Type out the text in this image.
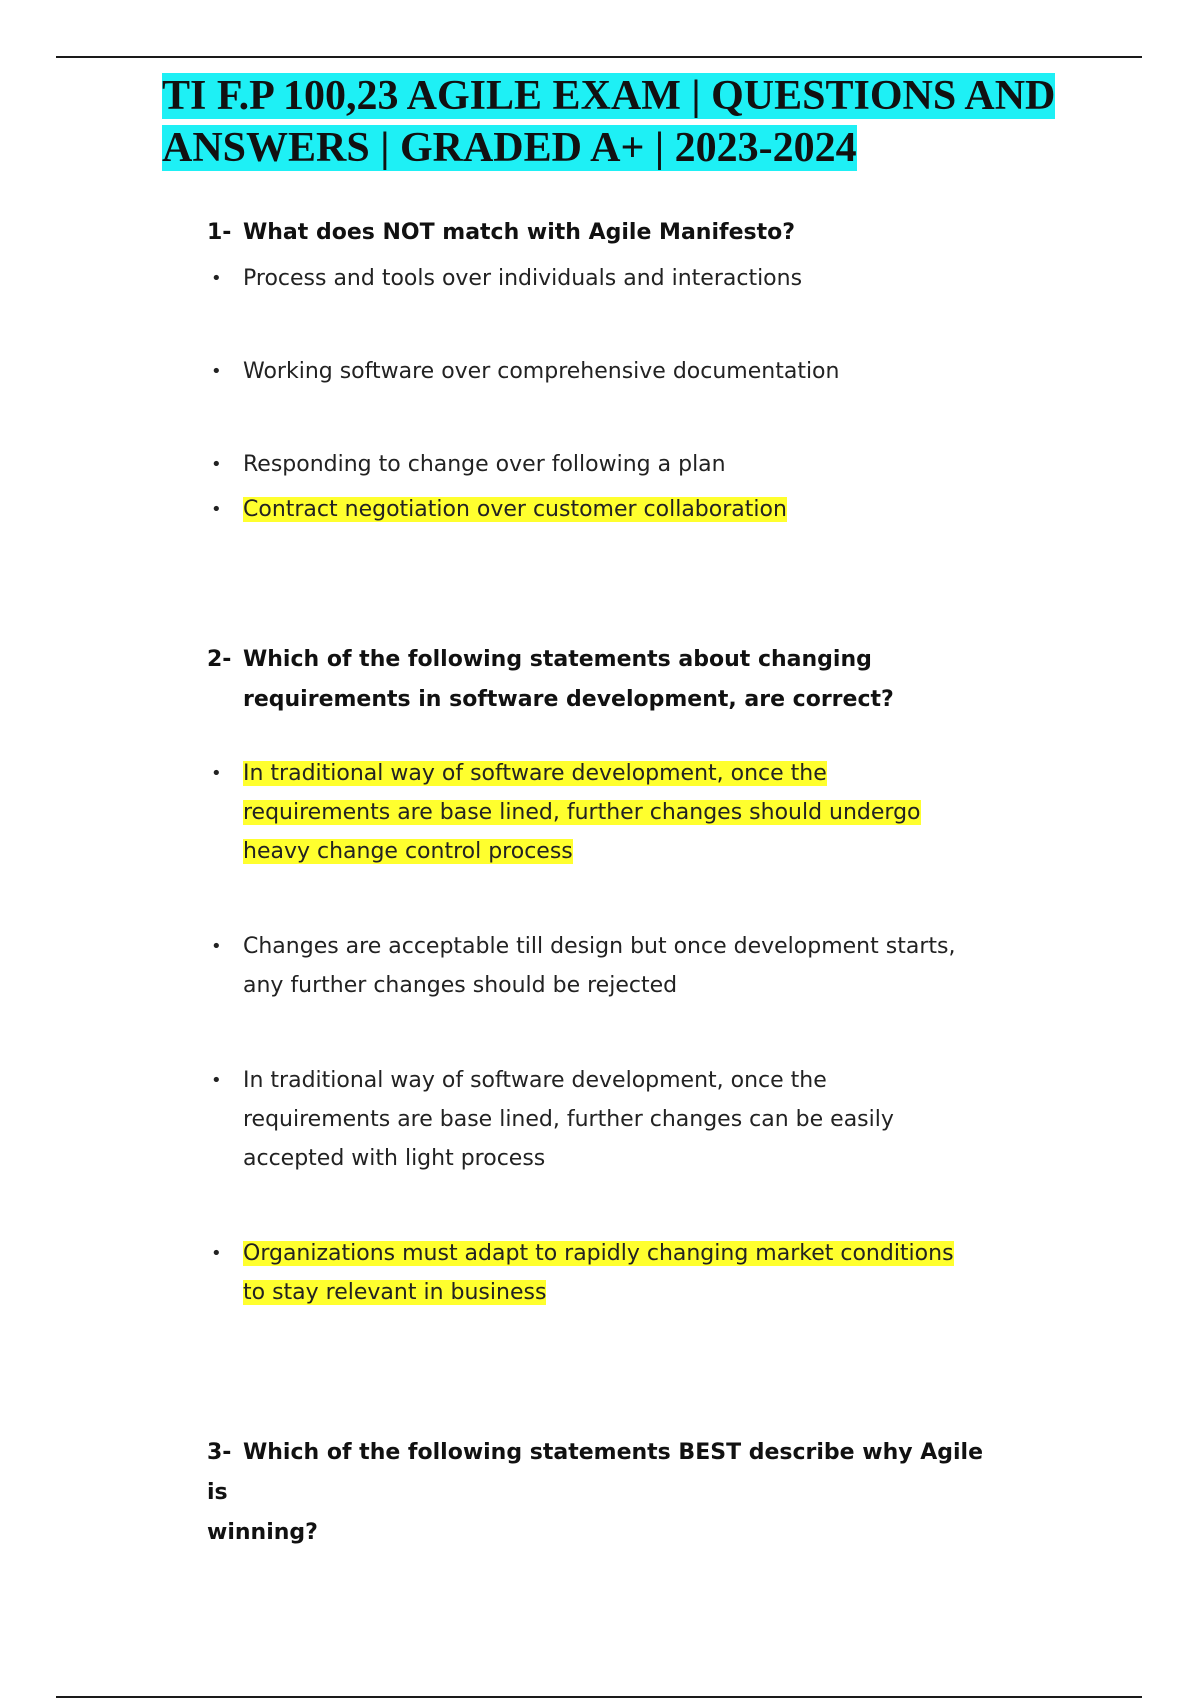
TI F.P 100,23 AGILE EXAM | QUESTIONS AND
ANSWERS | GRADED A+ | 2023-2024
1- What does NOT match with Agile Manifesto?
• Process and tools over individuals and interactions
• Working software over comprehensive documentation
• Responding to change over following a plan
• Contract negotiation over customer collaboration
2- Which of the following statements about changing
requirements in software development, are correct?
• In traditional way of software development, once the
requirements are base lined, further changes should undergo
heavy change control process
• Changes are acceptable till design but once development starts,
any further changes should be rejected
• In traditional way of software development, once the
requirements are base lined, further changes can be easily
accepted with light process
• Organizations must adapt to rapidly changing market conditions
to stay relevant in business
3- Which of the following statements BEST describe why Agile is
winning?
